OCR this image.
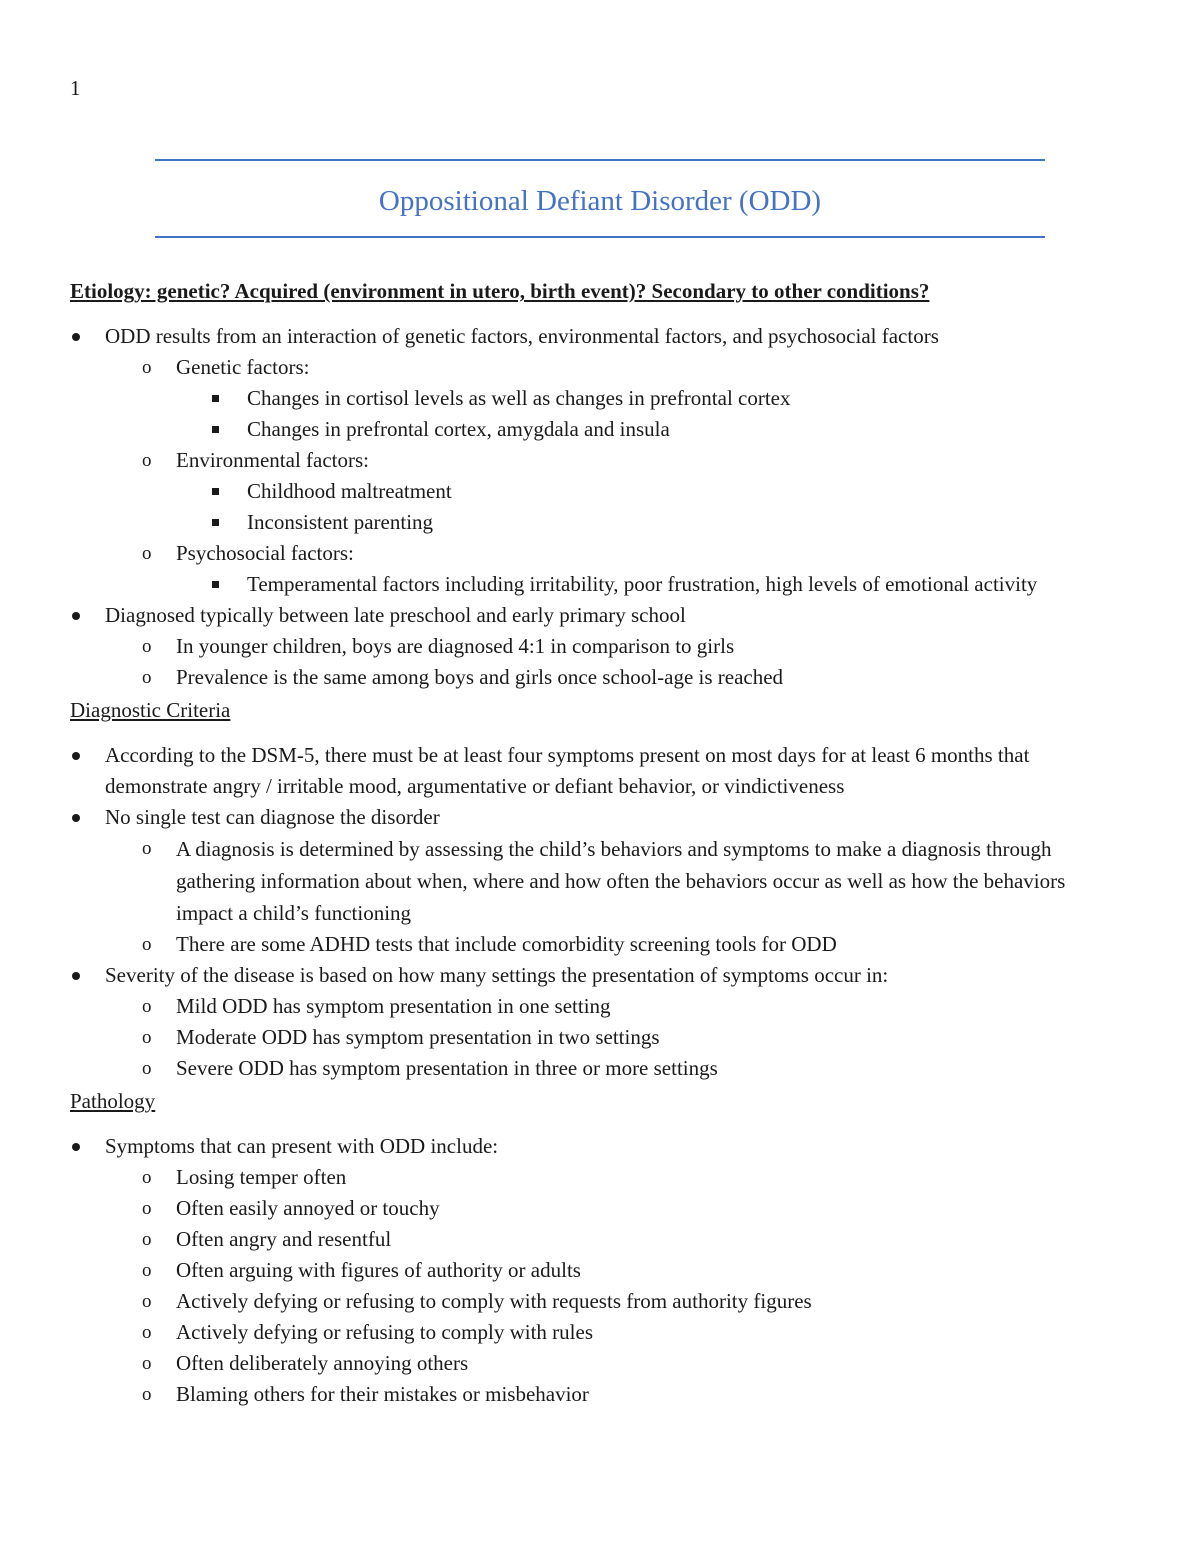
1
Oppositional Defiant Disorder (ODD)
Etiology: genetic? Acquired (environment in utero, birth event)? Secondary to other conditions?
ODD results from an interaction of genetic factors, environmental factors, and psychosocial factors
o Genetic factors:
Changes in cortisol levels as well as changes in prefrontal cortex
Changes in prefrontal cortex, amygdala and insula
o Environmental factors:
Childhood maltreatment
Inconsistent parenting
o Psychosocial factors:
Temperamental factors including irritability, poor frustration, high levels of emotional activity
Diagnosed typically between late preschool and early primary school
o In younger children, boys are diagnosed 4:1 in comparison to girls
o Prevalence is the same among boys and girls once school-age is reached
Diagnostic Criteria
According to the DSM-5, there must be at least four symptoms present on most days for at least 6 months that demonstrate angry / irritable mood, argumentative or defiant behavior, or vindictiveness
No single test can diagnose the disorder
o A diagnosis is determined by assessing the child’s behaviors and symptoms to make a diagnosis through gathering information about when, where and how often the behaviors occur as well as how the behaviors impact a child’s functioning
o There are some ADHD tests that include comorbidity screening tools for ODD
Severity of the disease is based on how many settings the presentation of symptoms occur in:
o Mild ODD has symptom presentation in one setting
o Moderate ODD has symptom presentation in two settings
o Severe ODD has symptom presentation in three or more settings
Pathology
Symptoms that can present with ODD include:
o Losing temper often
o Often easily annoyed or touchy
o Often angry and resentful
o Often arguing with figures of authority or adults
o Actively defying or refusing to comply with requests from authority figures
o Actively defying or refusing to comply with rules
o Often deliberately annoying others
o Blaming others for their mistakes or misbehavior
